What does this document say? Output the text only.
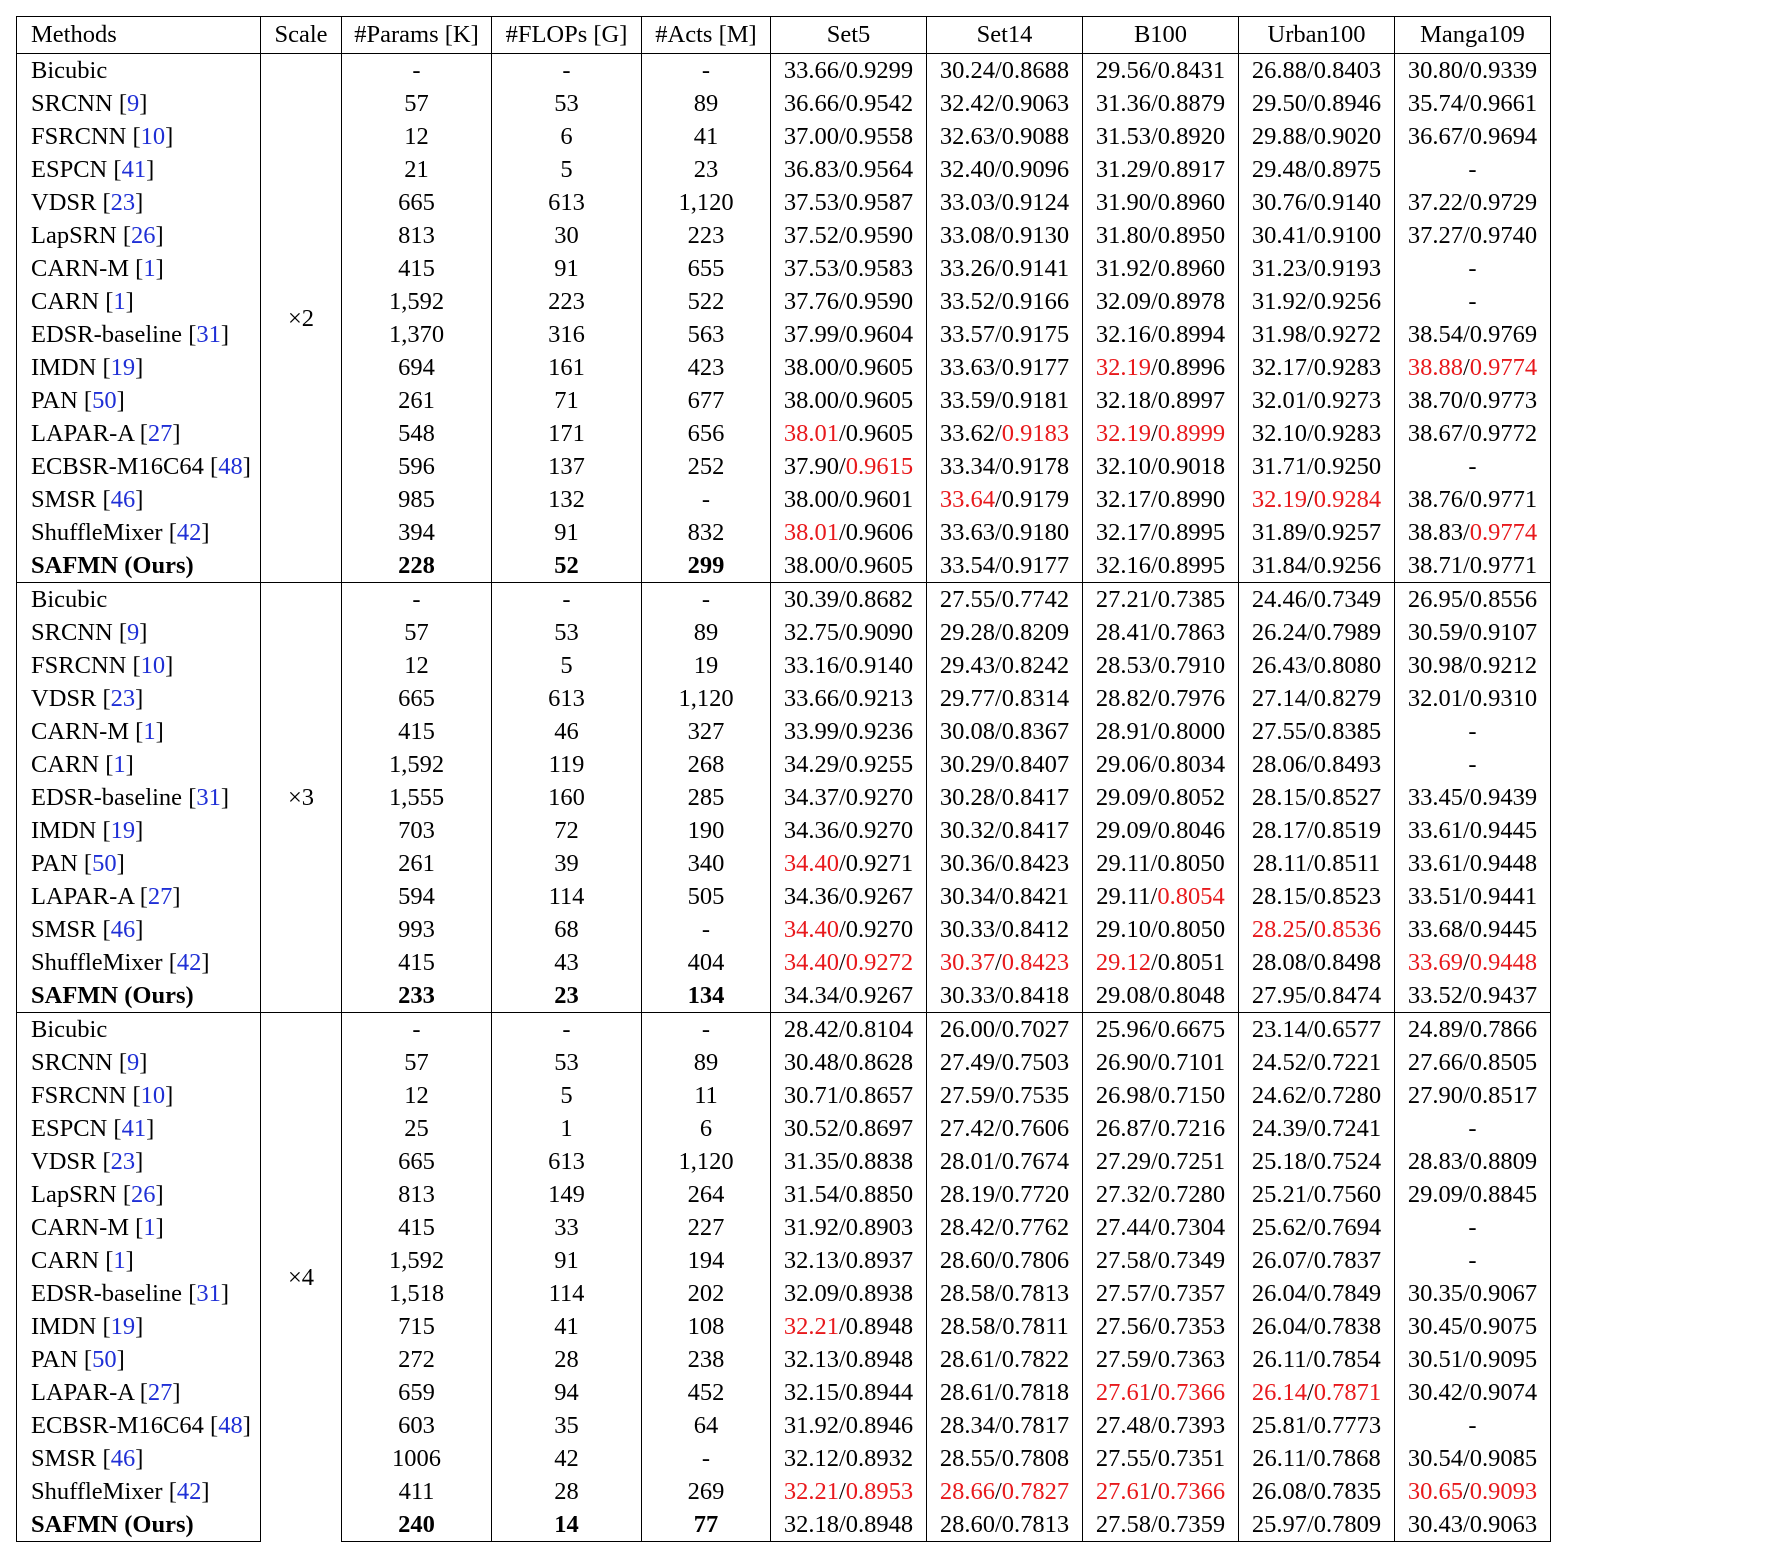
Methods	Scale	#Params [K]	#FLOPs [G]	#Acts [M]	Set5	Set14	B100	Urban100	Manga109
Bicubic	×2	-	-	-	33.66/0.9299	30.24/0.8688	29.56/0.8431	26.88/0.8403	30.80/0.9339
SRCNN [9]		57	53	89	36.66/0.9542	32.42/0.9063	31.36/0.8879	29.50/0.8946	35.74/0.9661
FSRCNN [10]		12	6	41	37.00/0.9558	32.63/0.9088	31.53/0.8920	29.88/0.9020	36.67/0.9694
ESPCN [41]		21	5	23	36.83/0.9564	32.40/0.9096	31.29/0.8917	29.48/0.8975	-
VDSR [23]		665	613	1,120	37.53/0.9587	33.03/0.9124	31.90/0.8960	30.76/0.9140	37.22/0.9729
LapSRN [26]		813	30	223	37.52/0.9590	33.08/0.9130	31.80/0.8950	30.41/0.9100	37.27/0.9740
CARN-M [1]		415	91	655	37.53/0.9583	33.26/0.9141	31.92/0.8960	31.23/0.9193	-
CARN [1]		1,592	223	522	37.76/0.9590	33.52/0.9166	32.09/0.8978	31.92/0.9256	-
EDSR-baseline [31]		1,370	316	563	37.99/0.9604	33.57/0.9175	32.16/0.8994	31.98/0.9272	38.54/0.9769
IMDN [19]		694	161	423	38.00/0.9605	33.63/0.9177	32.19/0.8996	32.17/0.9283	38.88/0.9774
PAN [50]		261	71	677	38.00/0.9605	33.59/0.9181	32.18/0.8997	32.01/0.9273	38.70/0.9773
LAPAR-A [27]		548	171	656	38.01/0.9605	33.62/0.9183	32.19/0.8999	32.10/0.9283	38.67/0.9772
ECBSR-M16C64 [48]		596	137	252	37.90/0.9615	33.34/0.9178	32.10/0.9018	31.71/0.9250	-
SMSR [46]		985	132	-	38.00/0.9601	33.64/0.9179	32.17/0.8990	32.19/0.9284	38.76/0.9771
ShuffleMixer [42]		394	91	832	38.01/0.9606	33.63/0.9180	32.17/0.8995	31.89/0.9257	38.83/0.9774
SAFMN (Ours)		228	52	299	38.00/0.9605	33.54/0.9177	32.16/0.8995	31.84/0.9256	38.71/0.9771
Bicubic	×3	-	-	-	30.39/0.8682	27.55/0.7742	27.21/0.7385	24.46/0.7349	26.95/0.8556
SRCNN [9]		57	53	89	32.75/0.9090	29.28/0.8209	28.41/0.7863	26.24/0.7989	30.59/0.9107
FSRCNN [10]		12	5	19	33.16/0.9140	29.43/0.8242	28.53/0.7910	26.43/0.8080	30.98/0.9212
VDSR [23]		665	613	1,120	33.66/0.9213	29.77/0.8314	28.82/0.7976	27.14/0.8279	32.01/0.9310
CARN-M [1]		415	46	327	33.99/0.9236	30.08/0.8367	28.91/0.8000	27.55/0.8385	-
CARN [1]		1,592	119	268	34.29/0.9255	30.29/0.8407	29.06/0.8034	28.06/0.8493	-
EDSR-baseline [31]		1,555	160	285	34.37/0.9270	30.28/0.8417	29.09/0.8052	28.15/0.8527	33.45/0.9439
IMDN [19]		703	72	190	34.36/0.9270	30.32/0.8417	29.09/0.8046	28.17/0.8519	33.61/0.9445
PAN [50]		261	39	340	34.40/0.9271	30.36/0.8423	29.11/0.8050	28.11/0.8511	33.61/0.9448
LAPAR-A [27]		594	114	505	34.36/0.9267	30.34/0.8421	29.11/0.8054	28.15/0.8523	33.51/0.9441
SMSR [46]		993	68	-	34.40/0.9270	30.33/0.8412	29.10/0.8050	28.25/0.8536	33.68/0.9445
ShuffleMixer [42]		415	43	404	34.40/0.9272	30.37/0.8423	29.12/0.8051	28.08/0.8498	33.69/0.9448
SAFMN (Ours)		233	23	134	34.34/0.9267	30.33/0.8418	29.08/0.8048	27.95/0.8474	33.52/0.9437
Bicubic	×4	-	-	-	28.42/0.8104	26.00/0.7027	25.96/0.6675	23.14/0.6577	24.89/0.7866
SRCNN [9]		57	53	89	30.48/0.8628	27.49/0.7503	26.90/0.7101	24.52/0.7221	27.66/0.8505
FSRCNN [10]		12	5	11	30.71/0.8657	27.59/0.7535	26.98/0.7150	24.62/0.7280	27.90/0.8517
ESPCN [41]		25	1	6	30.52/0.8697	27.42/0.7606	26.87/0.7216	24.39/0.7241	-
VDSR [23]		665	613	1,120	31.35/0.8838	28.01/0.7674	27.29/0.7251	25.18/0.7524	28.83/0.8809
LapSRN [26]		813	149	264	31.54/0.8850	28.19/0.7720	27.32/0.7280	25.21/0.7560	29.09/0.8845
CARN-M [1]		415	33	227	31.92/0.8903	28.42/0.7762	27.44/0.7304	25.62/0.7694	-
CARN [1]		1,592	91	194	32.13/0.8937	28.60/0.7806	27.58/0.7349	26.07/0.7837	-
EDSR-baseline [31]		1,518	114	202	32.09/0.8938	28.58/0.7813	27.57/0.7357	26.04/0.7849	30.35/0.9067
IMDN [19]		715	41	108	32.21/0.8948	28.58/0.7811	27.56/0.7353	26.04/0.7838	30.45/0.9075
PAN [50]		272	28	238	32.13/0.8948	28.61/0.7822	27.59/0.7363	26.11/0.7854	30.51/0.9095
LAPAR-A [27]		659	94	452	32.15/0.8944	28.61/0.7818	27.61/0.7366	26.14/0.7871	30.42/0.9074
ECBSR-M16C64 [48]		603	35	64	31.92/0.8946	28.34/0.7817	27.48/0.7393	25.81/0.7773	-
SMSR [46]		1006	42	-	32.12/0.8932	28.55/0.7808	27.55/0.7351	26.11/0.7868	30.54/0.9085
ShuffleMixer [42]		411	28	269	32.21/0.8953	28.66/0.7827	27.61/0.7366	26.08/0.7835	30.65/0.9093
SAFMN (Ours)		240	14	77	32.18/0.8948	28.60/0.7813	27.58/0.7359	25.97/0.7809	30.43/0.9063
